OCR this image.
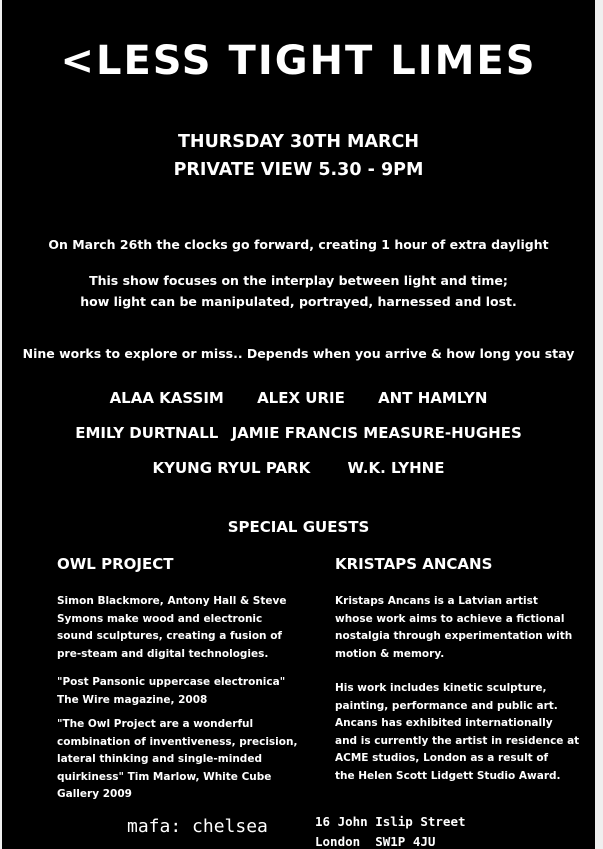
<LESS TIGHT LIMES
THURSDAY 30TH MARCH
PRIVATE VIEW 5.30 - 9PM
On March 26th the clocks go forward, creating 1 hour of extra daylight
This show focuses on the interplay between light and time;
how light can be manipulated, portrayed, harnessed and lost.
Nine works to explore or miss.. Depends when you arrive & how long you stay
ALAA KASSIM ALEX URIE ANT HAMLYN
EMILY DURTNALL JAMIE FRANCIS MEASURE-HUGHES
KYUNG RYUL PARK W.K. LYHNE
SPECIAL GUESTS
OWL PROJECT	KRISTAPS ANCANS
Simon Blackmore, Antony Hall & Steve
Symons make wood and electronic
sound sculptures, creating a fusion of
pre-steam and digital technologies.
"Post Pansonic uppercase electronica"
The Wire magazine, 2008
"The Owl Project are a wonderful
combination of inventiveness, precision,
lateral thinking and single-minded
quirkiness" Tim Marlow, White Cube
Gallery 2009
Kristaps Ancans is a Latvian artist
whose work aims to achieve a fictional
nostalgia through experimentation with
motion & memory.
His work includes kinetic sculpture,
painting, performance and public art.
Ancans has exhibited internationally
and is currently the artist in residence at
ACME studios, London as a result of
the Helen Scott Lidgett Studio Award.
mafa: chelsea	16 John Islip Street
London  SW1P 4JU
